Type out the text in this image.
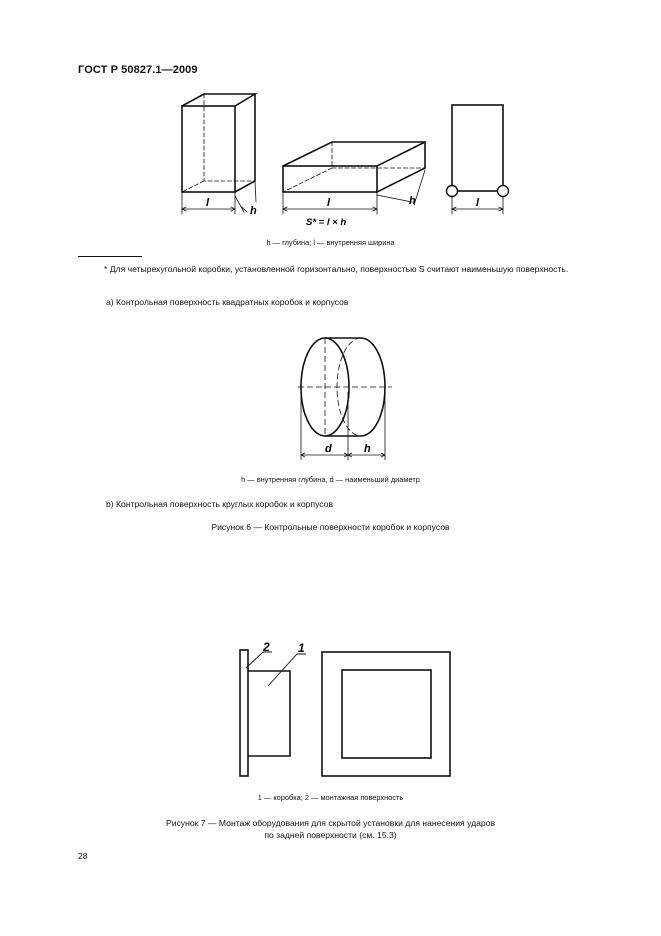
ГОСТ Р 50827.1—2009
l
h
l	h
S* = l × h
l
h — глубина; l — внутренняя ширина
* Для четырехугольной коробки, установленной горизонтально, поверхностью S считают наименьшую поверхность.
a) Контрольная поверхность квадратных коробок и корпусов
d	h
h — внутренняя глубина, d — наименьший диаметр
b) Контрольная поверхность круглых коробок и корпусов
Рисунок 6 — Контрольные поверхности коробок и корпусов
2 1
1 — коробка; 2 — монтажная поверхность
Рисунок 7 — Монтаж оборудования для скрытой установки для нанесения ударов
по задней поверхности (см. 15.3)
28
